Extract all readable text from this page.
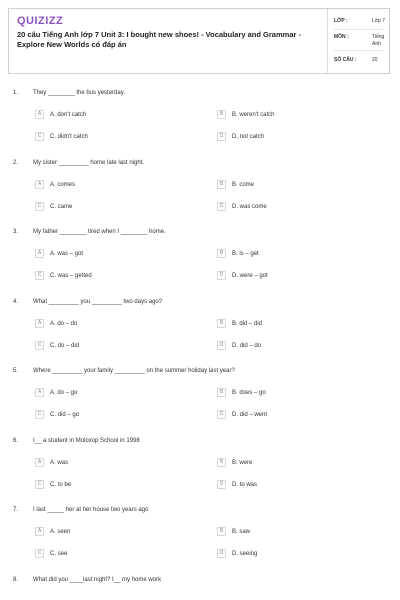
QUIZIZZ
20 câu Tiếng Anh lớp 7 Unit 3: I bought new shoes! - Vocabulary and Grammar - Explore New Worlds có đáp án
LỚP :	Lớp 7
MÔN :	Tiếng Anh
SỐ CÂU :	20
1. They ________ the bus yesterday.
A	A. don't catch	B	B. weren't catch
C	C. didn't catch	D	D. not catch
2. My sister _________ home late last night.
A	A. comes	B	B. come
C	C. came	D	D. was come
3. My father ________ tired when I ________ home.
A	A. was – got	B	B. is – get
C	C. was – getted	D	D. were – got
4. What _________ you _________ two days ago?
A	A. do – do	B	B. did – did
C	C. do – did	D	D. did – do
5. Where _________ your family _________ on the summer holiday last year?
A	A. do – go	B	B. does – go
C	C. did – go	D	D. did – went
6. I__ a student in Moloxop School in 1998
A	A. was	B	B. were
C	C. to be	D	D. to was
7. I last _____ her at her house two years ago
A	A. seen	B	B. saw
C	C. see	D	D. seeing
8. What did you ____last night? I__ my home work
